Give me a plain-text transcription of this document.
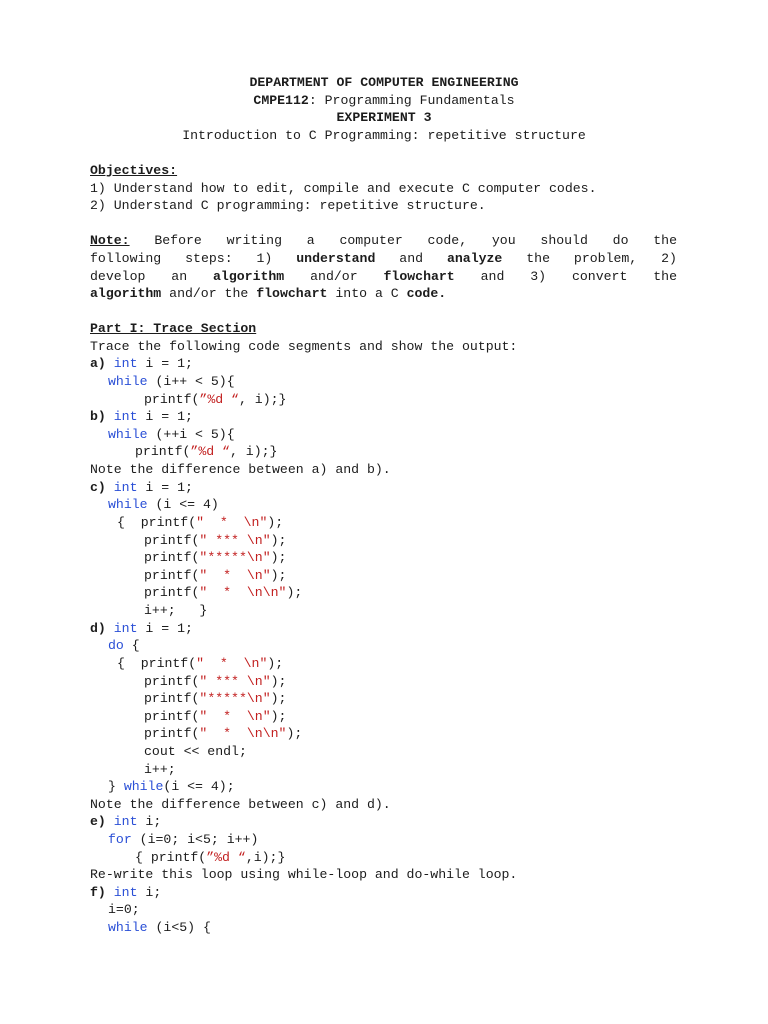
DEPARTMENT OF COMPUTER ENGINEERING
CMPE112: Programming Fundamentals
EXPERIMENT 3
Introduction to C Programming: repetitive structure
Objectives:
1) Understand how to edit, compile and execute C computer codes.
2) Understand C programming: repetitive structure.
Note: Before writing a computer code, you should do the
following steps: 1) understand and analyze the problem, 2)
develop an algorithm and/or flowchart and 3) convert the
algorithm and/or the flowchart into a C code.
Part I: Trace Section
Trace the following code segments and show the output:
a) int i = 1;
while (i++ < 5){
printf(”%d “, i);}
b) int i = 1;
while (++i < 5){
printf(”%d “, i);}
Note the difference between a) and b).
c) int i = 1;
while (i <= 4)
{  printf("  *  \n");
printf(" *** \n");
printf("*****\n");
printf("  *  \n");
printf("  *  \n\n");
i++;   }
d) int i = 1;
do {
{  printf("  *  \n");
printf(" *** \n");
printf("*****\n");
printf("  *  \n");
printf("  *  \n\n");
cout << endl;
i++;
} while(i <= 4);
Note the difference between c) and d).
e) int i;
for (i=0; i<5; i++)
{ printf(”%d “,i);}
Re-write this loop using while-loop and do-while loop.
f) int i;
i=0;
while (i<5) {
